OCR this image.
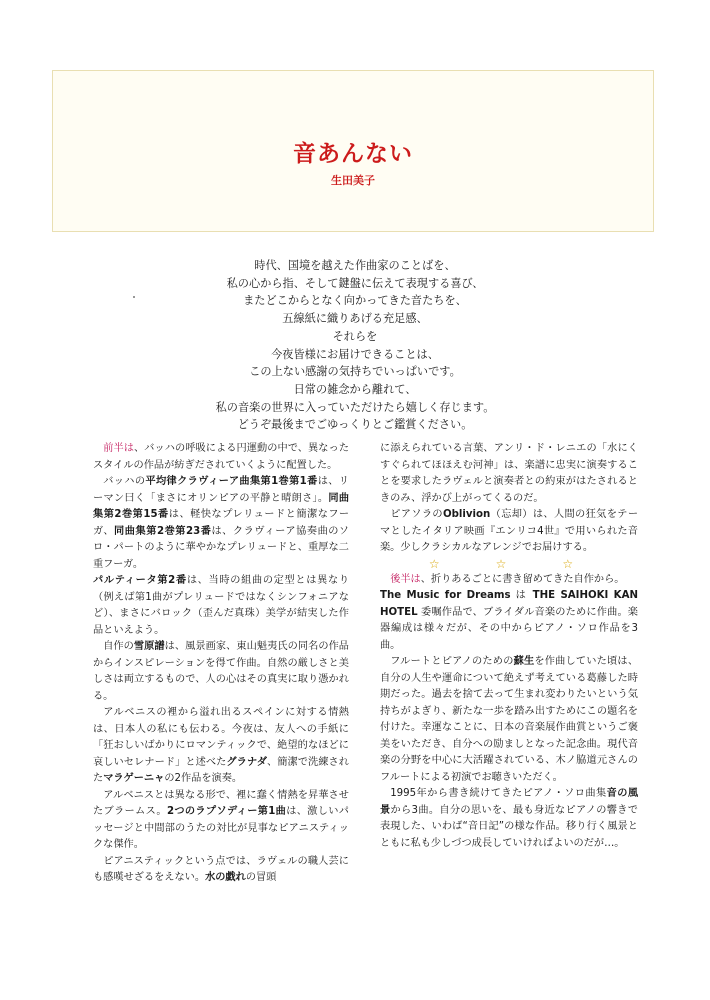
音あんない

生田美子

時代、国境を越えた作曲家のことばを、

私の心から指、そして鍵盤に伝えて表現する喜び、

またどこからとなく向かってきた音たちを、

五線紙に織りあげる充足感、

それらを

今夜皆様にお届けできることは、

この上ない感謝の気持ちでいっぱいです。

日常の雑念から離れて、

私の音楽の世界に入っていただけたら嬉しく存じます。

どうぞ最後までごゆっくりとご鑑賞ください。

前半は、バッハの呼吸による円運動の中で、異なったスタイルの作品が紡ぎだされていくように配置した。

バッハの平均律クラヴィーア曲集第1巻第1番は、リーマン曰く「まさにオリンピアの平静と晴朗さ」。同曲集第2巻第15番は、軽快なプレリュードと簡潔なフーガ、同曲集第2巻第23番は、クラヴィーア協奏曲のソロ・パートのように華やかなプレリュードと、重厚な二重フーガ。

パルティータ第2番は、当時の組曲の定型とは異なり（例えば第1曲がプレリュードではなくシンフォニアなど）、まさにバロック（歪んだ真珠）美学が結実した作品といえよう。

自作の雪原譜は、風景画家、東山魁夷氏の同名の作品からインスピレーションを得て作曲。自然の厳しさと美しさは両立するもので、人の心はその真実に取り憑かれる。

アルベニスの裡から溢れ出るスペインに対する情熱は、日本人の私にも伝わる。今夜は、友人への手紙に「狂おしいばかりにロマンティックで、絶望的なほどに哀しいセレナード」と述べたグラナダ、簡潔で洗練されたマラゲーニャの2作品を演奏。

アルベニスとは異なる形で、裡に蠢く情熱を昇華させたブラームス。2つのラプソディー第1曲は、激しいパッセージと中間部のうたの対比が見事なピアニスティックな傑作。

ピアニスティックという点では、ラヴェルの職人芸にも感嘆せざるをえない。水の戯れの冒頭

に添えられている言葉、アンリ・ド・レニエの「水にくすぐられてほほえむ河神」は、楽譜に忠実に演奏することを要求したラヴェルと演奏者との約束がはたされるときのみ、浮かび上がってくるのだ。

ピアソラのOblivion（忘却）は、人間の狂気をテーマとしたイタリア映画『エンリコ4世』で用いられた音楽。少しクラシカルなアレンジでお届けする。

☆☆☆

後半は、折りあるごとに書き留めてきた自作から。

The Music for Dreams は THE SAIHOKI KAN HOTEL 委嘱作品で、ブライダル音楽のために作曲。楽器編成は様々だが、その中からピアノ・ソロ作品を3曲。

フルートとピアノのための蘇生を作曲していた頃は、自分の人生や運命について絶えず考えている葛藤した時期だった。過去を捨て去って生まれ変わりたいという気持ちがよぎり、新たな一歩を踏み出すためにこの題名を付けた。幸運なことに、日本の音楽展作曲賞というご褒美をいただき、自分への励ましとなった記念曲。現代音楽の分野を中心に大活躍されている、木ノ脇道元さんのフルートによる初演でお聴きいただく。

1995年から書き続けてきたピアノ・ソロ曲集音の風景から3曲。自分の思いを、最も身近なピアノの響きで表現した、いわば“音日記”の様な作品。移り行く風景とともに私も少しづつ成長していければよいのだが…。
